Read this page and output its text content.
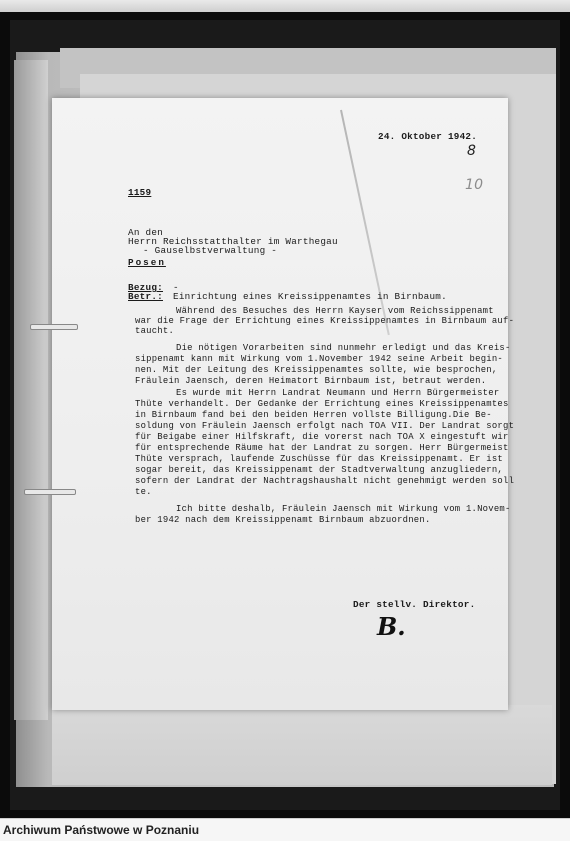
24. Oktober 1942.
8
10
1159
An den
Herrn Reichsstatthalter im Warthegau
- Gauselbstverwaltung -
Posen
Bezug: -
Betr.: Einrichtung eines Kreissippenamtes in Birnbaum.
Während des Besuches des Herrn Kayser vom Reichssippenamt
war die Frage der Errichtung eines Kreissippenamtes in Birnbaum auf-
taucht.
Die nötigen Vorarbeiten sind nunmehr erledigt und das Kreis-
sippenamt kann mit Wirkung vom 1.November 1942 seine Arbeit begin-
nen. Mit der Leitung des Kreissippenamtes sollte, wie besprochen,
Fräulein Jaensch, deren Heimatort Birnbaum ist, betraut werden.
Es wurde mit Herrn Landrat Neumann und Herrn Bürgermeister
Thüte verhandelt. Der Gedanke der Errichtung eines Kreissippenamtes
in Birnbaum fand bei den beiden Herren vollste Billigung.Die Be-
soldung von Fräulein Jaensch erfolgt nach TOA VII. Der Landrat sorgt
für Beigabe einer Hilfskraft, die vorerst nach TOA X eingestuft wir
für entsprechende Räume hat der Landrat zu sorgen. Herr Bürgermeist
Thüte versprach, laufende Zuschüsse für das Kreissippenamt. Er ist
sogar bereit, das Kreissippenamt der Stadtverwaltung anzugliedern,
sofern der Landrat der Nachtragshaushalt nicht genehmigt werden soll
te.
Ich bitte deshalb, Fräulein Jaensch mit Wirkung vom 1.Novem-
ber 1942 nach dem Kreissippenamt Birnbaum abzuordnen.
Der stellv. Direktor.
B.
Archiwum Państwowe w Poznaniu
